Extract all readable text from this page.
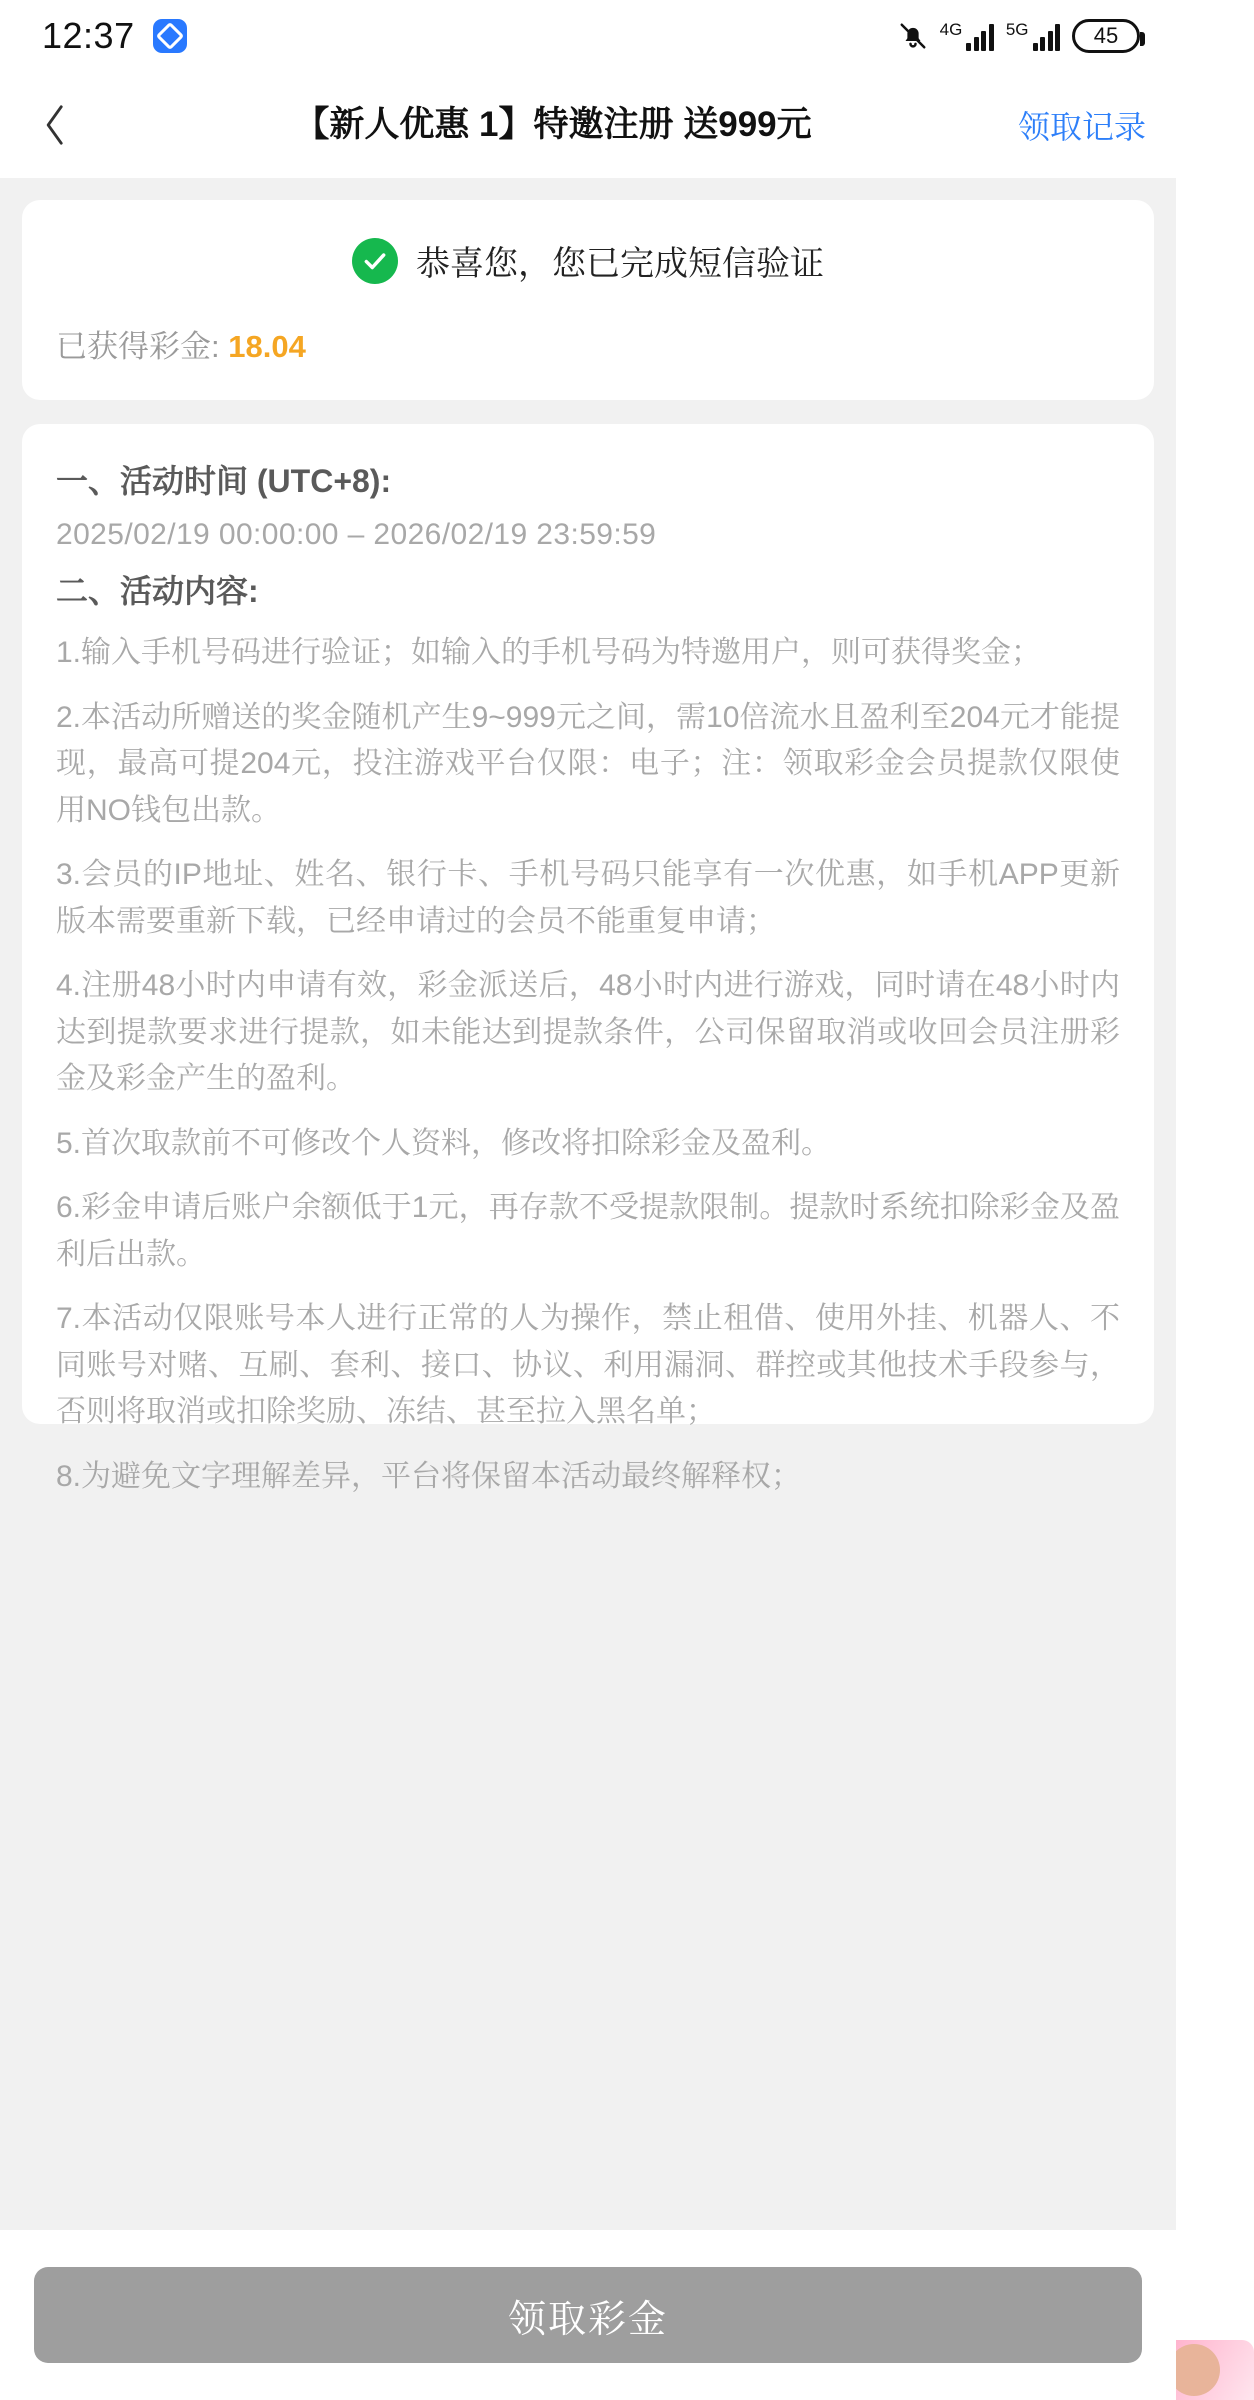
12:37	4G	5G	45
【新人优惠 1】特邀注册 送999元	领取记录
恭喜您，您已完成短信验证
已获得彩金: 18.04
一、活动时间 (UTC+8):
2025/02/19 00:00:00 – 2026/02/19 23:59:59
二、活动内容:

1.输入手机号码进行验证；如输入的手机号码为特邀用户，则可获得奖金；

2.本活动所赠送的奖金随机产生9~999元之间，需10倍流水且盈利至204元才能提现，最高可提204元，投注游戏平台仅限：电子；注：领取彩金会员提款仅限使用NO钱包出款。

3.会员的IP地址、姓名、银行卡、手机号码只能享有一次优惠，如手机APP更新版本需要重新下载，已经申请过的会员不能重复申请；

4.注册48小时内申请有效，彩金派送后，48小时内进行游戏，同时请在48小时内达到提款要求进行提款，如未能达到提款条件，公司保留取消或收回会员注册彩金及彩金产生的盈利。

5.首次取款前不可修改个人资料，修改将扣除彩金及盈利。

6.彩金申请后账户余额低于1元，再存款不受提款限制。提款时系统扣除彩金及盈利后出款。

7.本活动仅限账号本人进行正常的人为操作，禁止租借、使用外挂、机器人、不同账号对赌、互刷、套利、接口、协议、利用漏洞、群控或其他技术手段参与，否则将取消或扣除奖励、冻结、甚至拉入黑名单；

8.为避免文字理解差异，平台将保留本活动最终解释权；

领取彩金
